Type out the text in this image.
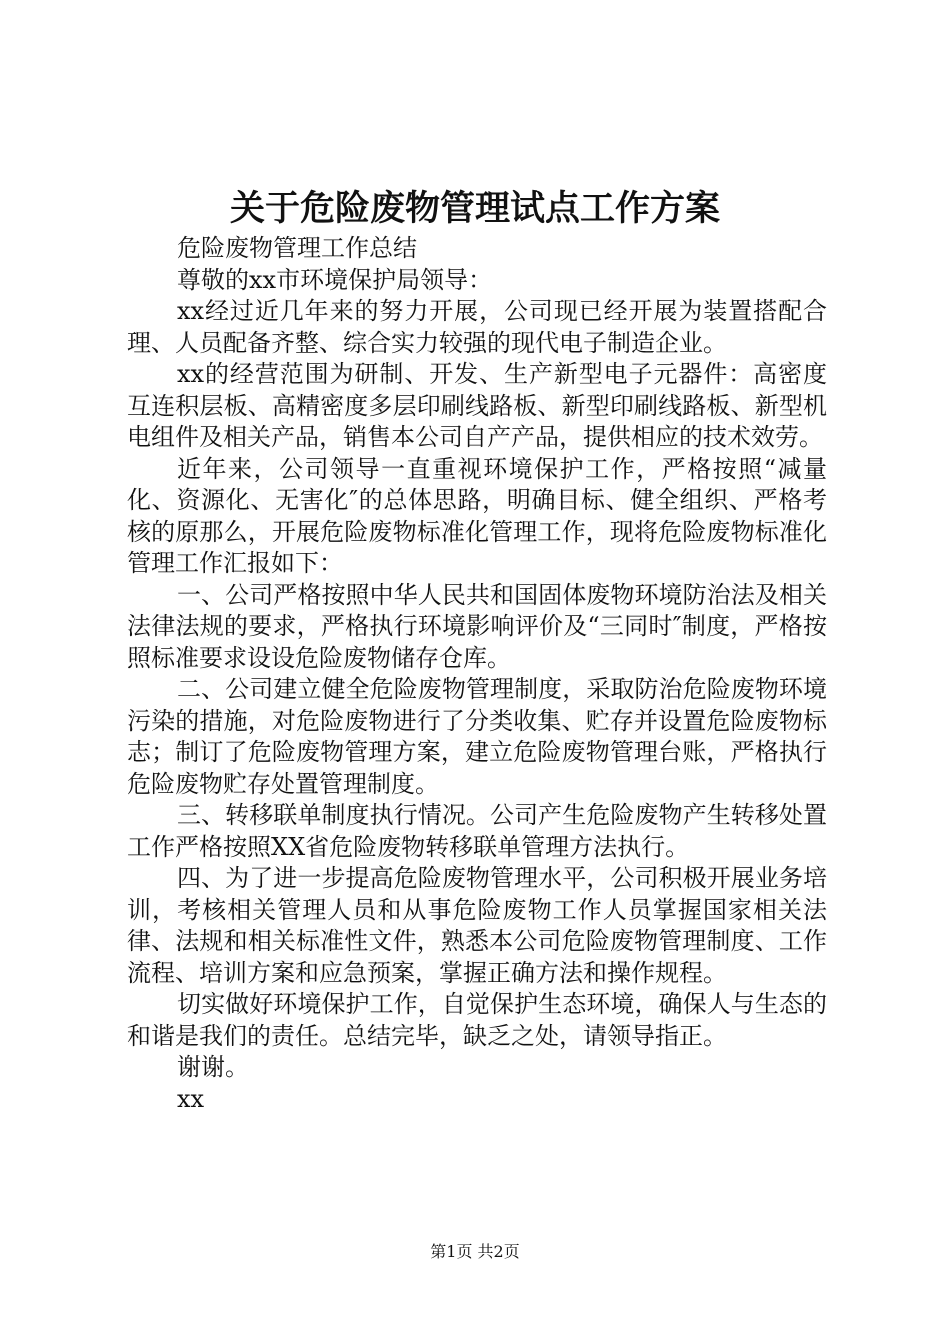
关于危险废物管理试点工作方案

危险废物管理工作总结

尊敬的xx市环境保护局领导：

xx经过近几年来的努力开展，公司现已经开展为装置搭配合理、人员配备齐整、综合实力较强的现代电子制造企业。

xx的经营范围为研制、开发、生产新型电子元器件：高密度互连积层板、高精密度多层印刷线路板、新型印刷线路板、新型机电组件及相关产品，销售本公司自产产品，提供相应的技术效劳。

近年来，公司领导一直重视环境保护工作，严格按照“减量化、资源化、无害化″的总体思路，明确目标、健全组织、严格考核的原那么，开展危险废物标准化管理工作，现将危险废物标准化管理工作汇报如下：

一、公司严格按照中华人民共和国固体废物环境防治法及相关法律法规的要求，严格执行环境影响评价及“三同时″制度，严格按照标准要求设设危险废物储存仓库。

二、公司建立健全危险废物管理制度，采取防治危险废物环境污染的措施，对危险废物进行了分类收集、贮存并设置危险废物标志；制订了危险废物管理方案，建立危险废物管理台账，严格执行危险废物贮存处置管理制度。

三、转移联单制度执行情况。公司产生危险废物产生转移处置工作严格按照XX省危险废物转移联单管理方法执行。

四、为了进一步提高危险废物管理水平，公司积极开展业务培训，考核相关管理人员和从事危险废物工作人员掌握国家相关法律、法规和相关标准性文件，熟悉本公司危险废物管理制度、工作流程、培训方案和应急预案，掌握正确方法和操作规程。

切实做好环境保护工作，自觉保护生态环境，确保人与生态的和谐是我们的责任。总结完毕，缺乏之处，请领导指正。

谢谢。

xx

第1页 共2页
